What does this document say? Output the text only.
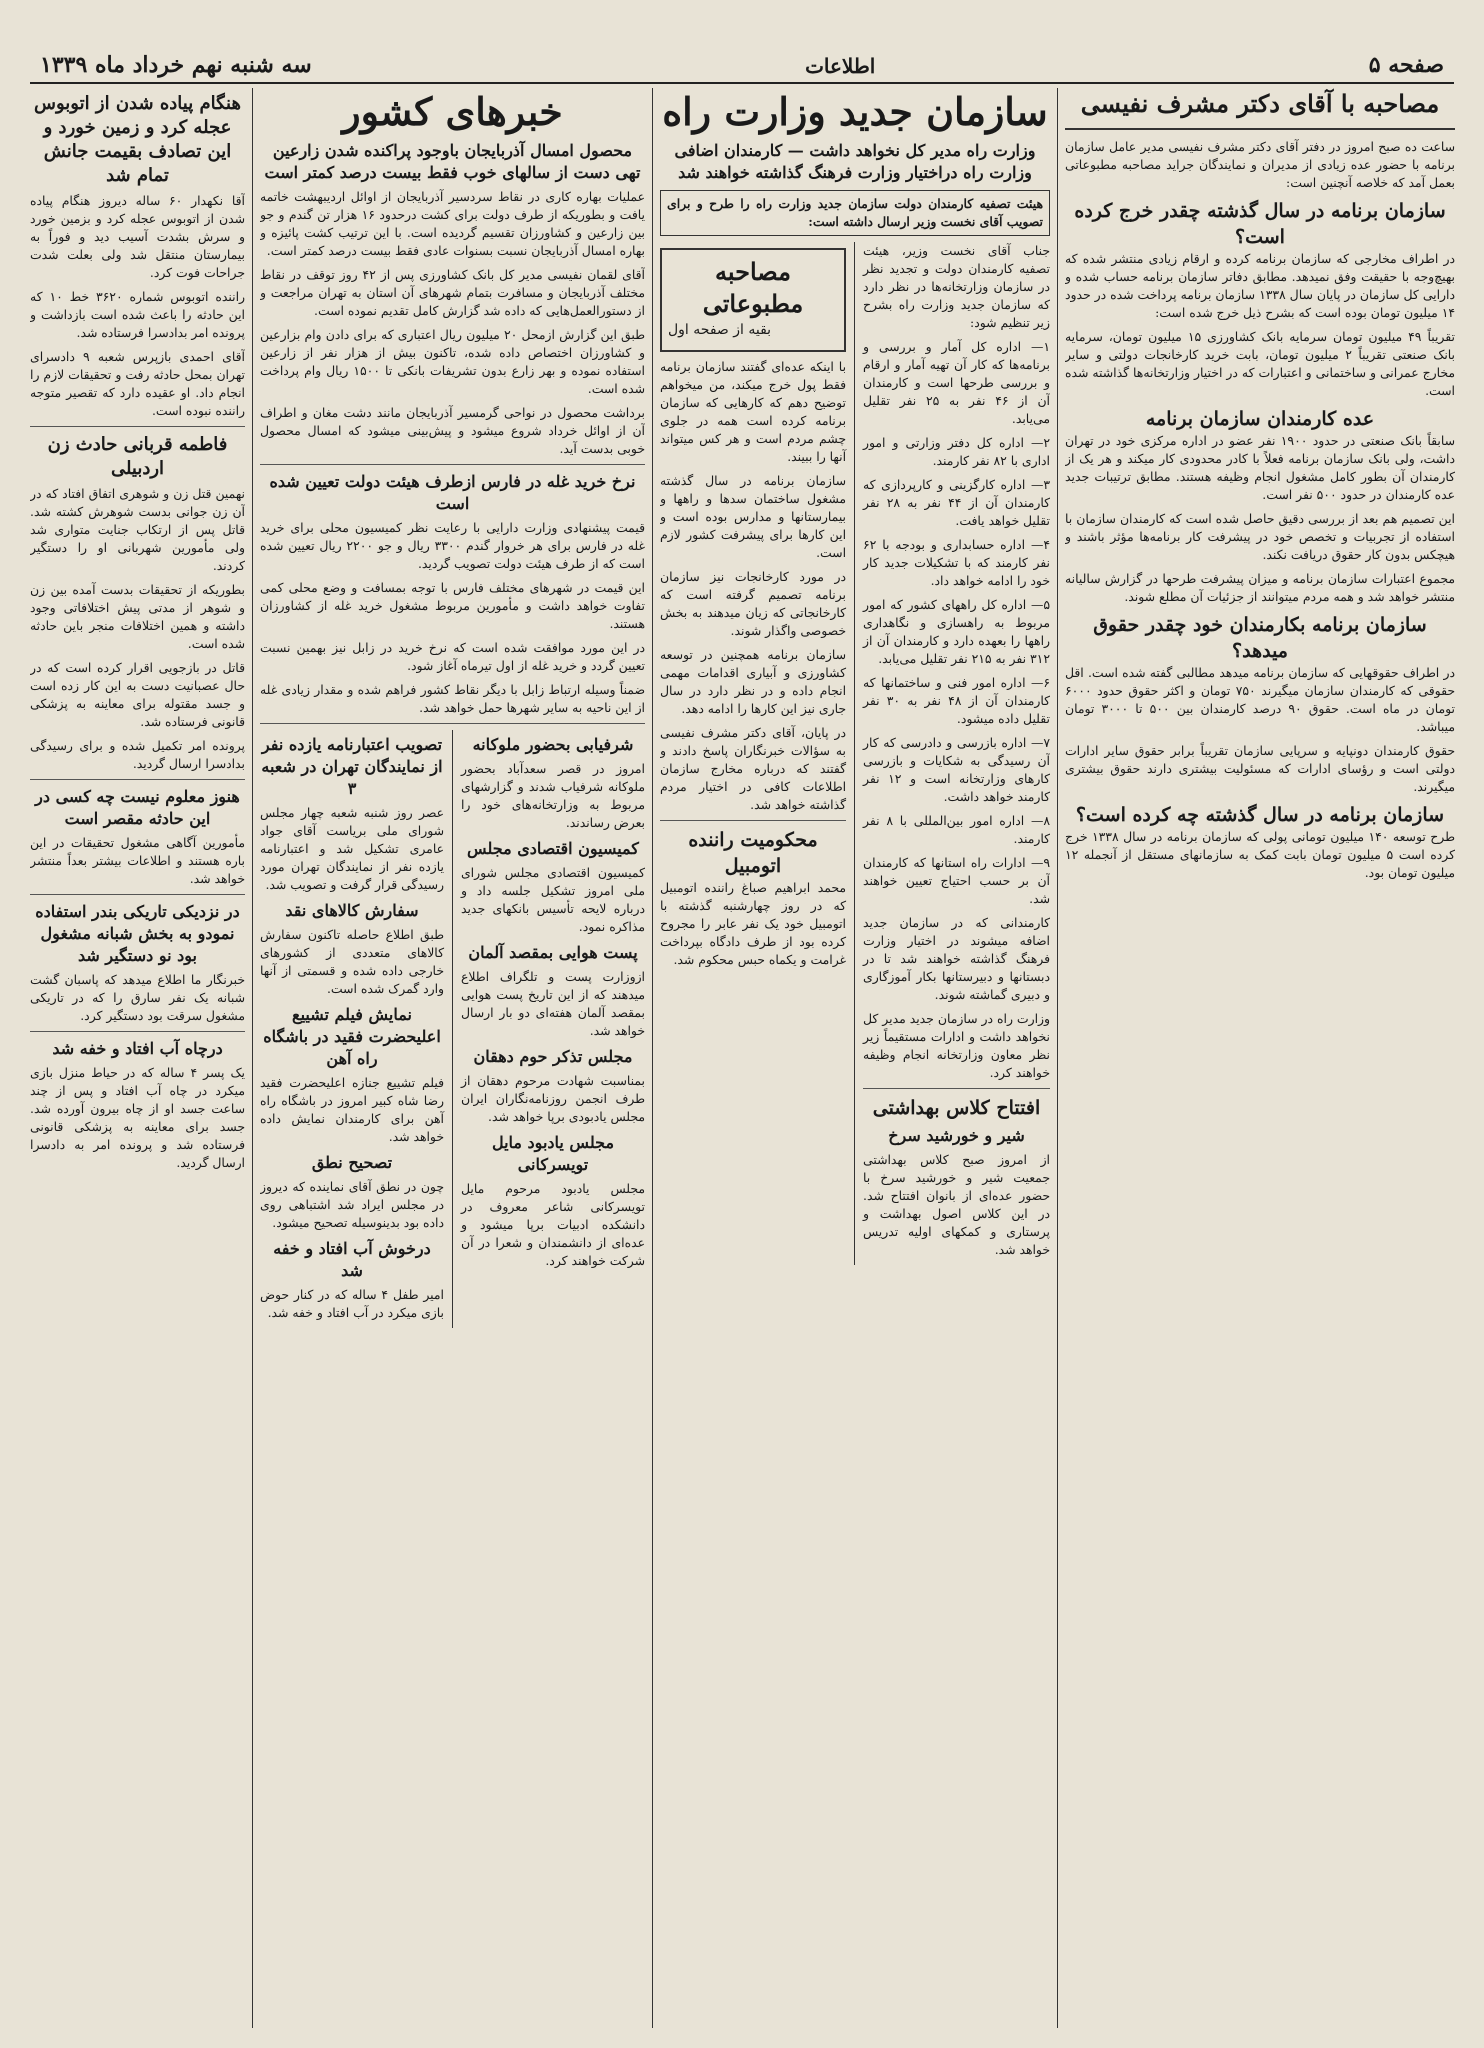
صفحه ۵
اطلاعات
سه شنبه نهم خرداد ماه ۱۳۳۹
مصاحبه با آقای دکتر مشرف نفیسی

ساعت ده صبح امروز در دفتر آقای دکتر مشرف نفیسی مدیر عامل سازمان برنامه با حضور عده زیادی از مدیران و نمایندگان جراید مصاحبه مطبوعاتی بعمل آمد که خلاصه آنچنین است:

سازمان برنامه در سال گذشته چقدر خرج کرده است؟

در اطراف مخارجی که سازمان برنامه کرده و ارقام زیادی منتشر شده که بهیچ‌وجه با حقیقت وفق نمیدهد. مطابق دفاتر سازمان برنامه حساب شده و دارایی کل سازمان در پایان سال ۱۳۳۸ سازمان برنامه پرداخت شده در حدود ۱۴ میلیون تومان بوده است که بشرح ذیل خرج شده است:

تقریباً ۴۹ میلیون تومان سرمایه بانک کشاورزی ۱۵ میلیون تومان، سرمایه بانک صنعتی تقریباً ۲ میلیون تومان، بابت خرید کارخانجات دولتی و سایر مخارج عمرانی و ساختمانی و اعتبارات که در اختیار وزارتخانه‌ها گذاشته شده است.

عده کارمندان سازمان برنامه

سابقاً بانک صنعتی در حدود ۱۹۰۰ نفر عضو در اداره مرکزی خود در تهران داشت، ولی بانک سازمان برنامه فعلاً با کادر محدودی کار میکند و هر یک از کارمندان آن بطور کامل مشغول انجام وظیفه هستند. مطابق ترتیبات جدید عده کارمندان در حدود ۵۰۰ نفر است.

این تصمیم هم بعد از بررسی دقیق حاصل شده است که کارمندان سازمان با استفاده از تجربیات و تخصص خود در پیشرفت کار برنامه‌ها مؤثر باشند و هیچکس بدون کار حقوق دریافت نکند.

مجموع اعتبارات سازمان برنامه و میزان پیشرفت طرحها در گزارش سالیانه منتشر خواهد شد و همه مردم میتوانند از جزئیات آن مطلع شوند.

سازمان برنامه بکارمندان خود چقدر حقوق میدهد؟

در اطراف حقوقهایی که سازمان برنامه میدهد مطالبی گفته شده است. اقل حقوقی که کارمندان سازمان میگیرند ۷۵۰ تومان و اکثر حقوق حدود ۶۰۰۰ تومان در ماه است. حقوق ۹۰ درصد کارمندان بین ۵۰۰ تا ۳۰۰۰ تومان میباشد.

حقوق کارمندان دونپایه و سرپایی سازمان تقریباً برابر حقوق سایر ادارات دولتی است و رؤسای ادارات که مسئولیت بیشتری دارند حقوق بیشتری میگیرند.

سازمان برنامه در سال گذشته چه کرده است؟

طرح توسعه ۱۴۰ میلیون تومانی پولی که سازمان برنامه در سال ۱۳۳۸ خرج کرده است ۵ میلیون تومان بابت کمک به سازمانهای مستقل از آنجمله ۱۲ میلیون تومان بود.

سازمان جدید وزارت راه
وزارت راه مدیر کل نخواهد داشت — کارمندان اضافی وزارت راه دراختیار وزارت فرهنگ گذاشته خواهند شد

هیئت تصفیه کارمندان دولت سازمان جدید وزارت راه را طرح و برای تصویب آقای نخست وزیر ارسال داشته است:

جناب آقای نخست وزیر، هیئت تصفیه کارمندان دولت و تجدید نظر در سازمان وزارتخانه‌ها در نظر دارد که سازمان جدید وزارت راه بشرح زیر تنظیم شود:

۱— اداره کل آمار و بررسی و برنامه‌ها که کار آن تهیه آمار و ارقام و بررسی طرحها است و کارمندان آن از ۴۶ نفر به ۲۵ نفر تقلیل می‌یابد.

۲— اداره کل دفتر وزارتی و امور اداری با ۸۲ نفر کارمند.

۳— اداره کارگزینی و کارپردازی که کارمندان آن از ۴۴ نفر به ۲۸ نفر تقلیل خواهد یافت.

۴— اداره حسابداری و بودجه با ۶۲ نفر کارمند که با تشکیلات جدید کار خود را ادامه خواهد داد.

۵— اداره کل راههای کشور که امور مربوط به راهسازی و نگاهداری راهها را بعهده دارد و کارمندان آن از ۳۱۲ نفر به ۲۱۵ نفر تقلیل می‌یابد.

۶— اداره امور فنی و ساختمانها که کارمندان آن از ۴۸ نفر به ۳۰ نفر تقلیل داده میشود.

۷— اداره بازرسی و دادرسی که کار آن رسیدگی به شکایات و بازرسی کارهای وزارتخانه است و ۱۲ نفر کارمند خواهد داشت.

۸— اداره امور بین‌المللی با ۸ نفر کارمند.

۹— ادارات راه استانها که کارمندان آن بر حسب احتیاج تعیین خواهند شد.

کارمندانی که در سازمان جدید اضافه میشوند در اختیار وزارت فرهنگ گذاشته خواهند شد تا در دبستانها و دبیرستانها بکار آموزگاری و دبیری گماشته شوند.

وزارت راه در سازمان جدید مدیر کل نخواهد داشت و ادارات مستقیماً زیر نظر معاون وزارتخانه انجام وظیفه خواهند کرد.

افتتاح کلاس بهداشتی
شیر و خورشید سرخ

از امروز صبح کلاس بهداشتی جمعیت شیر و خورشید سرخ با حضور عده‌ای از بانوان افتتاح شد. در این کلاس اصول بهداشت و پرستاری و کمکهای اولیه تدریس خواهد شد.

مصاحبه مطبوعاتی
بقیه از صفحه اول

با اینکه عده‌ای گفتند سازمان برنامه فقط پول خرج میکند، من میخواهم توضیح دهم که کارهایی که سازمان برنامه کرده است همه در جلوی چشم مردم است و هر کس میتواند آنها را ببیند.

سازمان برنامه در سال گذشته مشغول ساختمان سدها و راهها و بیمارستانها و مدارس بوده است و این کارها برای پیشرفت کشور لازم است.

در مورد کارخانجات نیز سازمان برنامه تصمیم گرفته است که کارخانجاتی که زیان میدهند به بخش خصوصی واگذار شوند.

سازمان برنامه همچنین در توسعه کشاورزی و آبیاری اقدامات مهمی انجام داده و در نظر دارد در سال جاری نیز این کارها را ادامه دهد.

در پایان، آقای دکتر مشرف نفیسی به سؤالات خبرنگاران پاسخ دادند و گفتند که درباره مخارج سازمان اطلاعات کافی در اختیار مردم گذاشته خواهد شد.

محکومیت راننده اتومبیل

محمد ابراهیم صباغ راننده اتومبیل که در روز چهارشنبه گذشته با اتومبیل خود یک نفر عابر را مجروح کرده بود از طرف دادگاه بپرداخت غرامت و یکماه حبس محکوم شد.

خبرهای کشور
محصول امسال آذربایجان باوجود پراکنده شدن زارعین تهی دست از سالهای خوب فقط بیست درصد کمتر است

عملیات بهاره کاری در نقاط سردسیر آذربایجان از اوائل اردیبهشت خاتمه یافت و بطوریکه از طرف دولت برای کشت درحدود ۱۶ هزار تن گندم و جو بین زارعین و کشاورزان تقسیم گردیده است. با این ترتیب کشت پائیزه و بهاره امسال آذربایجان نسبت بسنوات عادی فقط بیست درصد کمتر است.

آقای لقمان نفیسی مدیر کل بانک کشاورزی پس از ۴۲ روز توقف در نقاط مختلف آذربایجان و مسافرت بتمام شهرهای آن استان به تهران مراجعت و از دستورالعمل‌هایی که داده شد گزارش کامل تقدیم نموده است.

طبق این گزارش ازمحل ۲۰ میلیون ریال اعتباری که برای دادن وام بزارعین و کشاورزان اختصاص داده شده، تاکنون بیش از هزار نفر از زارعین استفاده نموده و بهر زارع بدون تشریفات بانکی تا ۱۵۰۰ ریال وام پرداخت شده است.

برداشت محصول در نواحی گرمسیر آذربایجان مانند دشت مغان و اطراف آن از اوائل خرداد شروع میشود و پیش‌بینی میشود که امسال محصول خوبی بدست آید.

نرخ خرید غله در فارس ازطرف هیئت دولت تعیین شده است

قیمت پیشنهادی وزارت دارایی با رعایت نظر کمیسیون محلی برای خرید غله در فارس برای هر خروار گندم ۳۳۰۰ ریال و جو ۲۲۰۰ ریال تعیین شده است که از طرف هیئت دولت تصویب گردید.

این قیمت در شهرهای مختلف فارس با توجه بمسافت و وضع محلی کمی تفاوت خواهد داشت و مأمورین مربوط مشغول خرید غله از کشاورزان هستند.

در این مورد موافقت شده است که نرخ خرید در زابل نیز بهمین نسبت تعیین گردد و خرید غله از اول تیرماه آغاز شود.

ضمناً وسیله ارتباط زابل با دیگر نقاط کشور فراهم شده و مقدار زیادی غله از این ناحیه به سایر شهرها حمل خواهد شد.

شرفیابی بحضور ملوکانه

امروز در قصر سعدآباد بحضور ملوکانه شرفیاب شدند و گزارشهای مربوط به وزارتخانه‌های خود را بعرض رساندند.

کمیسیون اقتصادی مجلس

کمیسیون اقتصادی مجلس شورای ملی امروز تشکیل جلسه داد و درباره لایحه تأسیس بانکهای جدید مذاکره نمود.

پست هوایی بمقصد آلمان

ازوزارت پست و تلگراف اطلاع میدهند که از این تاریخ پست هوایی بمقصد آلمان هفته‌ای دو بار ارسال خواهد شد.

مجلس تذکر حوم دهقان

بمناسبت شهادت مرحوم دهقان از طرف انجمن روزنامه‌نگاران ایران مجلس یادبودی برپا خواهد شد.

مجلس یادبود مایل تویسرکانی

مجلس یادبود مرحوم مایل تویسرکانی شاعر معروف در دانشکده ادبیات برپا میشود و عده‌ای از دانشمندان و شعرا در آن شرکت خواهند کرد.

تصویب اعتبارنامه یازده نفر از نمایندگان تهران در شعبه ۳

عصر روز شنبه شعبه چهار مجلس شورای ملی برياست آقای جواد عامری تشکیل شد و اعتبارنامه یازده نفر از نمایندگان تهران مورد رسیدگی قرار گرفت و تصویب شد.

سفارش کالاهای نقد

طبق اطلاع حاصله تاکنون سفارش کالاهای متعددی از کشورهای خارجی داده شده و قسمتی از آنها وارد گمرک شده است.

نمایش فیلم تشییع اعلیحضرت فقید در باشگاه راه آهن

فیلم تشییع جنازه اعلیحضرت فقید رضا شاه کبیر امروز در باشگاه راه آهن برای کارمندان نمایش داده خواهد شد.

تصحیح نطق

چون در نطق آقای نماینده که دیروز در مجلس ایراد شد اشتباهی روی داده بود بدینوسیله تصحیح میشود.

درخوش آب افتاد و خفه شد

امیر طفل ۴ ساله که در کنار حوض بازی میکرد در آب افتاد و خفه شد.

هنگام پیاده شدن از اتوبوس عجله کرد و زمین خورد و این تصادف بقیمت جانش تمام شد

آقا نکهدار ۶۰ ساله دیروز هنگام پیاده شدن از اتوبوس عجله کرد و بزمین خورد و سرش بشدت آسیب دید و فوراً به بیمارستان منتقل شد ولی بعلت شدت جراحات فوت کرد.

راننده اتوبوس شماره ۳۶۲۰ خط ۱۰ که این حادثه را باعث شده است بازداشت و پرونده امر بدادسرا فرستاده شد.

آقای احمدی بازپرس شعبه ۹ دادسرای تهران بمحل حادثه رفت و تحقیقات لازم را انجام داد. او عقیده دارد که تقصیر متوجه راننده نبوده است.

فاطمه قربانی حادث زن اردبیلی

نهمین قتل زن و شوهری اتفاق افتاد که در آن زن جوانی بدست شوهرش کشته شد. قاتل پس از ارتکاب جنایت متواری شد ولی مأمورین شهربانی او را دستگیر کردند.

بطوریکه از تحقیقات بدست آمده بین زن و شوهر از مدتی پیش اختلافاتی وجود داشته و همین اختلافات منجر باین حادثه شده است.

قاتل در بازجویی اقرار کرده است که در حال عصبانیت دست به این کار زده است و جسد مقتوله برای معاینه به پزشکی قانونی فرستاده شد.

پرونده امر تکمیل شده و برای رسیدگی بدادسرا ارسال گردید.

هنوز معلوم نیست چه کسی در این حادثه مقصر است

مأمورین آگاهی مشغول تحقیقات در این باره هستند و اطلاعات بیشتر بعداً منتشر خواهد شد.

در نزدیکی تاریکی بندر استفاده نمودو به بخش شبانه مشغول بود نو دستگیر شد

خبرنگار ما اطلاع میدهد که پاسبان گشت شبانه یک نفر سارق را که در تاریکی مشغول سرقت بود دستگیر کرد.

درچاه آب افتاد و خفه شد

یک پسر ۴ ساله که در حیاط منزل بازی میکرد در چاه آب افتاد و پس از چند ساعت جسد او از چاه بیرون آورده شد. جسد برای معاینه به پزشکی قانونی فرستاده شد و پرونده امر به دادسرا ارسال گردید.
